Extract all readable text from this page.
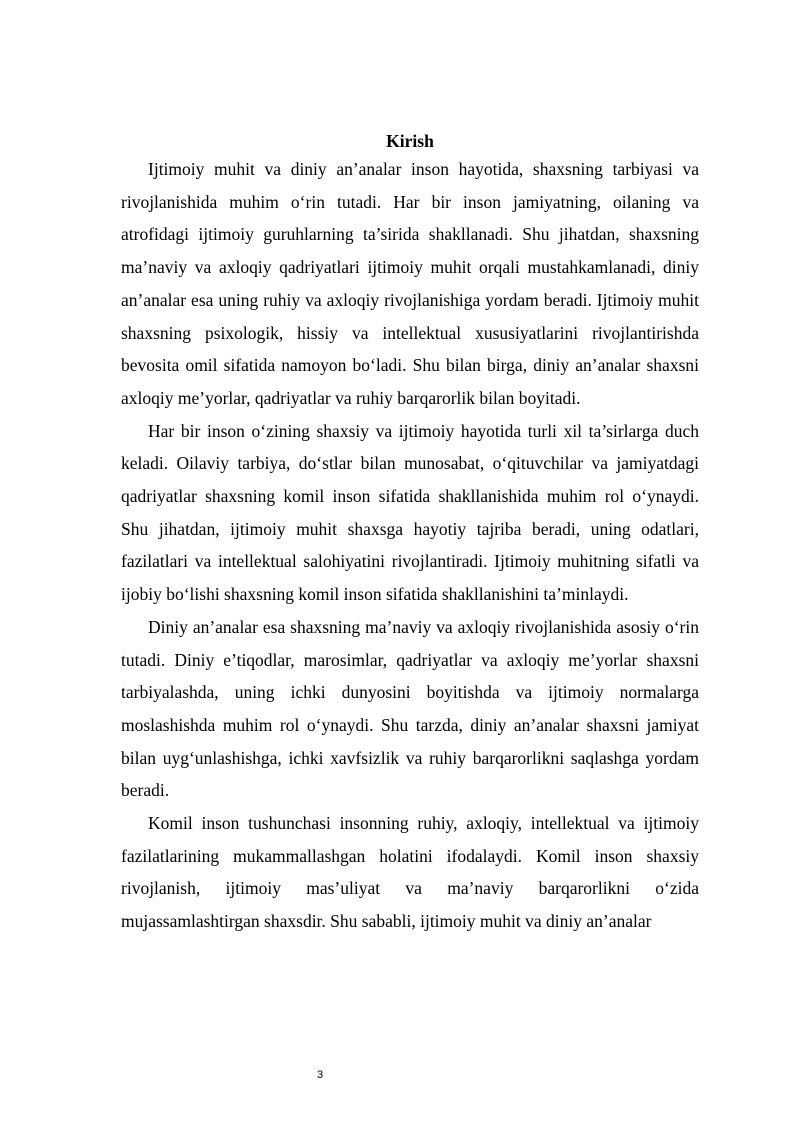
Kirish

Ijtimoiy muhit va diniy an’analar inson hayotida, shaxsning tarbiyasi va rivojlanishida muhim o‘rin tutadi. Har bir inson jamiyatning, oilaning va atrofidagi ijtimoiy guruhlarning ta’sirida shakllanadi. Shu jihatdan, shaxsning ma’naviy va axloqiy qadriyatlari ijtimoiy muhit orqali mustahkamlanadi, diniy an’analar esa uning ruhiy va axloqiy rivojlanishiga yordam beradi. Ijtimoiy muhit shaxsning psixologik, hissiy va intellektual xususiyatlarini rivojlantirishda bevosita omil sifatida namoyon bo‘ladi. Shu bilan birga, diniy an’analar shaxsni axloqiy me’yorlar, qadriyatlar va ruhiy barqarorlik bilan boyitadi.

Har bir inson o‘zining shaxsiy va ijtimoiy hayotida turli xil ta’sirlarga duch keladi. Oilaviy tarbiya, do‘stlar bilan munosabat, o‘qituvchilar va jamiyatdagi qadriyatlar shaxsning komil inson sifatida shakllanishida muhim rol o‘ynaydi. Shu jihatdan, ijtimoiy muhit shaxsga hayotiy tajriba beradi, uning odatlari, fazilatlari va intellektual salohiyatini rivojlantiradi. Ijtimoiy muhitning sifatli va ijobiy bo‘lishi shaxsning komil inson sifatida shakllanishini ta’minlaydi.

Diniy an’analar esa shaxsning ma’naviy va axloqiy rivojlanishida asosiy o‘rin tutadi. Diniy e’tiqodlar, marosimlar, qadriyatlar va axloqiy me’yorlar shaxsni tarbiyalashda, uning ichki dunyosini boyitishda va ijtimoiy normalarga moslashishda muhim rol o‘ynaydi. Shu tarzda, diniy an’analar shaxsni jamiyat bilan uyg‘unlashishga, ichki xavfsizlik va ruhiy barqarorlikni saqlashga yordam beradi.

Komil inson tushunchasi insonning ruhiy, axloqiy, intellektual va ijtimoiy fazilatlarining mukammallashgan holatini ifodalaydi. Komil inson shaxsiy rivojlanish, ijtimoiy mas’uliyat va ma’naviy barqarorlikni o‘zida mujassamlashtirgan shaxsdir. Shu sababli, ijtimoiy muhit va diniy an’analar

3
